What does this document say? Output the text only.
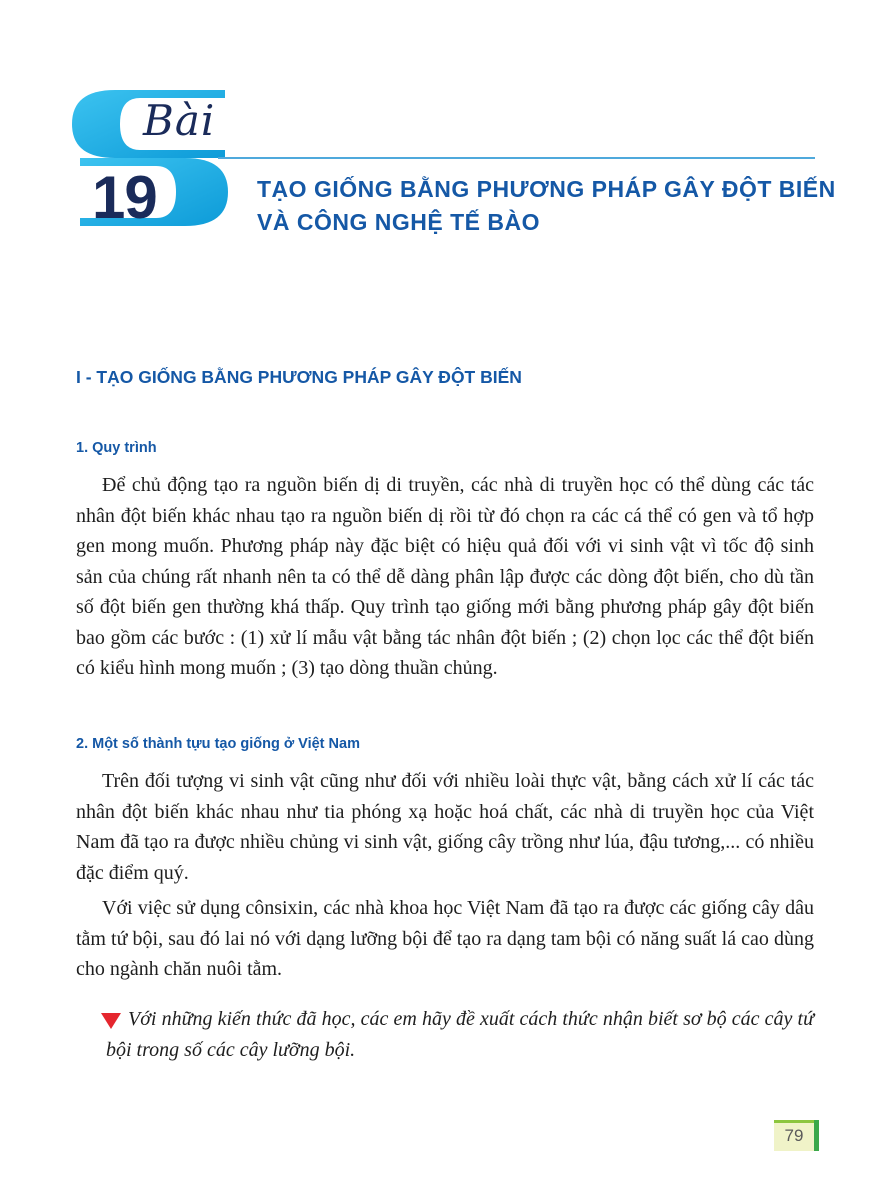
Bài
19	TẠO GIỐNG BẰNG PHƯƠNG PHÁP GÂY ĐỘT BIẾN
VÀ CÔNG NGHỆ TẾ BÀO
I - TẠO GIỐNG BẰNG PHƯƠNG PHÁP GÂY ĐỘT BIẾN
1. Quy trình

Để chủ động tạo ra nguồn biến dị di truyền, các nhà di truyền học có thể dùng các tác nhân đột biến khác nhau tạo ra nguồn biến dị rồi từ đó chọn ra các cá thể có gen và tổ hợp gen mong muốn. Phương pháp này đặc biệt có hiệu quả đối với vi sinh vật vì tốc độ sinh sản của chúng rất nhanh nên ta có thể dễ dàng phân lập được các dòng đột biến, cho dù tần số đột biến gen thường khá thấp. Quy trình tạo giống mới bằng phương pháp gây đột biến bao gồm các bước : (1) xử lí mẫu vật bằng tác nhân đột biến ; (2) chọn lọc các thể đột biến có kiểu hình mong muốn ; (3) tạo dòng thuần chủng.

2. Một số thành tựu tạo giống ở Việt Nam

Trên đối tượng vi sinh vật cũng như đối với nhiều loài thực vật, bằng cách xử lí các tác nhân đột biến khác nhau như tia phóng xạ hoặc hoá chất, các nhà di truyền học của Việt Nam đã tạo ra được nhiều chủng vi sinh vật, giống cây trồng như lúa, đậu tương,... có nhiều đặc điểm quý.

Với việc sử dụng cônsixin, các nhà khoa học Việt Nam đã tạo ra được các giống cây dâu tằm tứ bội, sau đó lai nó với dạng lưỡng bội để tạo ra dạng tam bội có năng suất lá cao dùng cho ngành chăn nuôi tằm.

Với những kiến thức đã học, các em hãy đề xuất cách thức nhận biết sơ bộ các cây tứ bội trong số các cây lưỡng bội.

79
